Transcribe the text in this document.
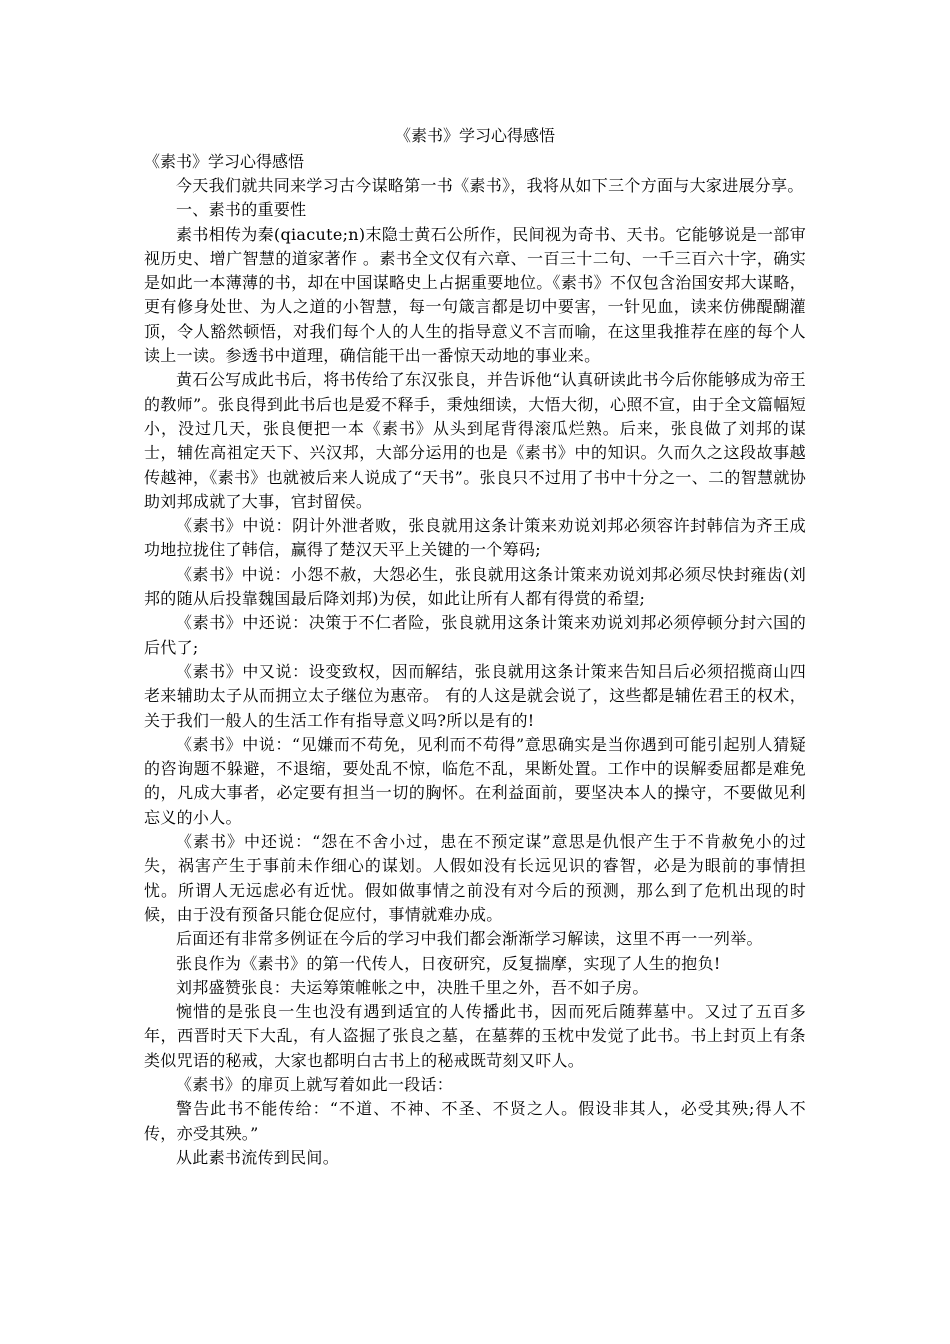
《素书》学习心得感悟

《素书》学习心得感悟

今天我们就共同来学习古今谋略第一书《素书》，我将从如下三个方面与大家进展分享。

一、素书的重要性

素书相传为秦(qiacute;n)末隐士黄石公所作，民间视为奇书、天书。它能够说是一部审视历史、增广智慧的道家著作 。素书全文仅有六章、一百三十二句、一千三百六十字，确实是如此一本薄薄的书，却在中国谋略史上占据重要地位。《素书》不仅包含治国安邦大谋略，更有修身处世、为人之道的小智慧，每一句箴言都是切中要害，一针见血，读来仿佛醍醐灌顶，令人豁然顿悟，对我们每个人的人生的指导意义不言而喻，在这里我推荐在座的每个人读上一读。参透书中道理，确信能干出一番惊天动地的事业来。

黄石公写成此书后，将书传给了东汉张良，并告诉他“认真研读此书今后你能够成为帝王的教师”。张良得到此书后也是爱不释手，秉烛细读，大悟大彻，心照不宣，由于全文篇幅短小，没过几天，张良便把一本《素书》从头到尾背得滚瓜烂熟。后来，张良做了刘邦的谋士，辅佐高祖定天下、兴汉邦，大部分运用的也是《素书》中的知识。久而久之这段故事越传越神，《素书》也就被后来人说成了“天书”。张良只不过用了书中十分之一、二的智慧就协助刘邦成就了大事，官封留侯。

《素书》中说：阴计外泄者败，张良就用这条计策来劝说刘邦必须容许封韩信为齐王成功地拉拢住了韩信，赢得了楚汉天平上关键的一个筹码;

《素书》中说：小怨不赦，大怨必生，张良就用这条计策来劝说刘邦必须尽快封雍齿(刘邦的随从后投靠魏国最后降刘邦)为侯，如此让所有人都有得赏的希望;

《素书》中还说：决策于不仁者险，张良就用这条计策来劝说刘邦必须停顿分封六国的后代了;

《素书》中又说：设变致权，因而解结，张良就用这条计策来告知吕后必须招揽商山四老来辅助太子从而拥立太子继位为惠帝。 有的人这是就会说了，这些都是辅佐君王的权术，关于我们一般人的生活工作有指导意义吗?所以是有的!

《素书》中说：“见嫌而不苟免，见利而不苟得”意思确实是当你遇到可能引起别人猜疑的咨询题不躲避，不退缩，要处乱不惊，临危不乱，果断处置。工作中的误解委屈都是难免的，凡成大事者，必定要有担当一切的胸怀。在利益面前，要坚决本人的操守，不要做见利忘义的小人。

《素书》中还说：“怨在不舍小过，患在不预定谋”意思是仇恨产生于不肯赦免小的过失，祸害产生于事前未作细心的谋划。人假如没有长远见识的睿智，必是为眼前的事情担忧。所谓人无远虑必有近忧。假如做事情之前没有对今后的预测，那么到了危机出现的时候，由于没有预备只能仓促应付，事情就难办成。

后面还有非常多例证在今后的学习中我们都会渐渐学习解读，这里不再一一列举。

张良作为《素书》的第一代传人，日夜研究，反复揣摩，实现了人生的抱负!

刘邦盛赞张良：夫运筹策帷帐之中，决胜千里之外，吾不如子房。

惋惜的是张良一生也没有遇到适宜的人传播此书，因而死后随葬墓中。又过了五百多年，西晋时天下大乱，有人盗掘了张良之墓，在墓葬的玉枕中发觉了此书。书上封页上有条类似咒语的秘戒，大家也都明白古书上的秘戒既苛刻又吓人。

《素书》的扉页上就写着如此一段话：

警告此书不能传给：“不道、不神、不圣、不贤之人。假设非其人，必受其殃;得人不传，亦受其殃。”

从此素书流传到民间。
